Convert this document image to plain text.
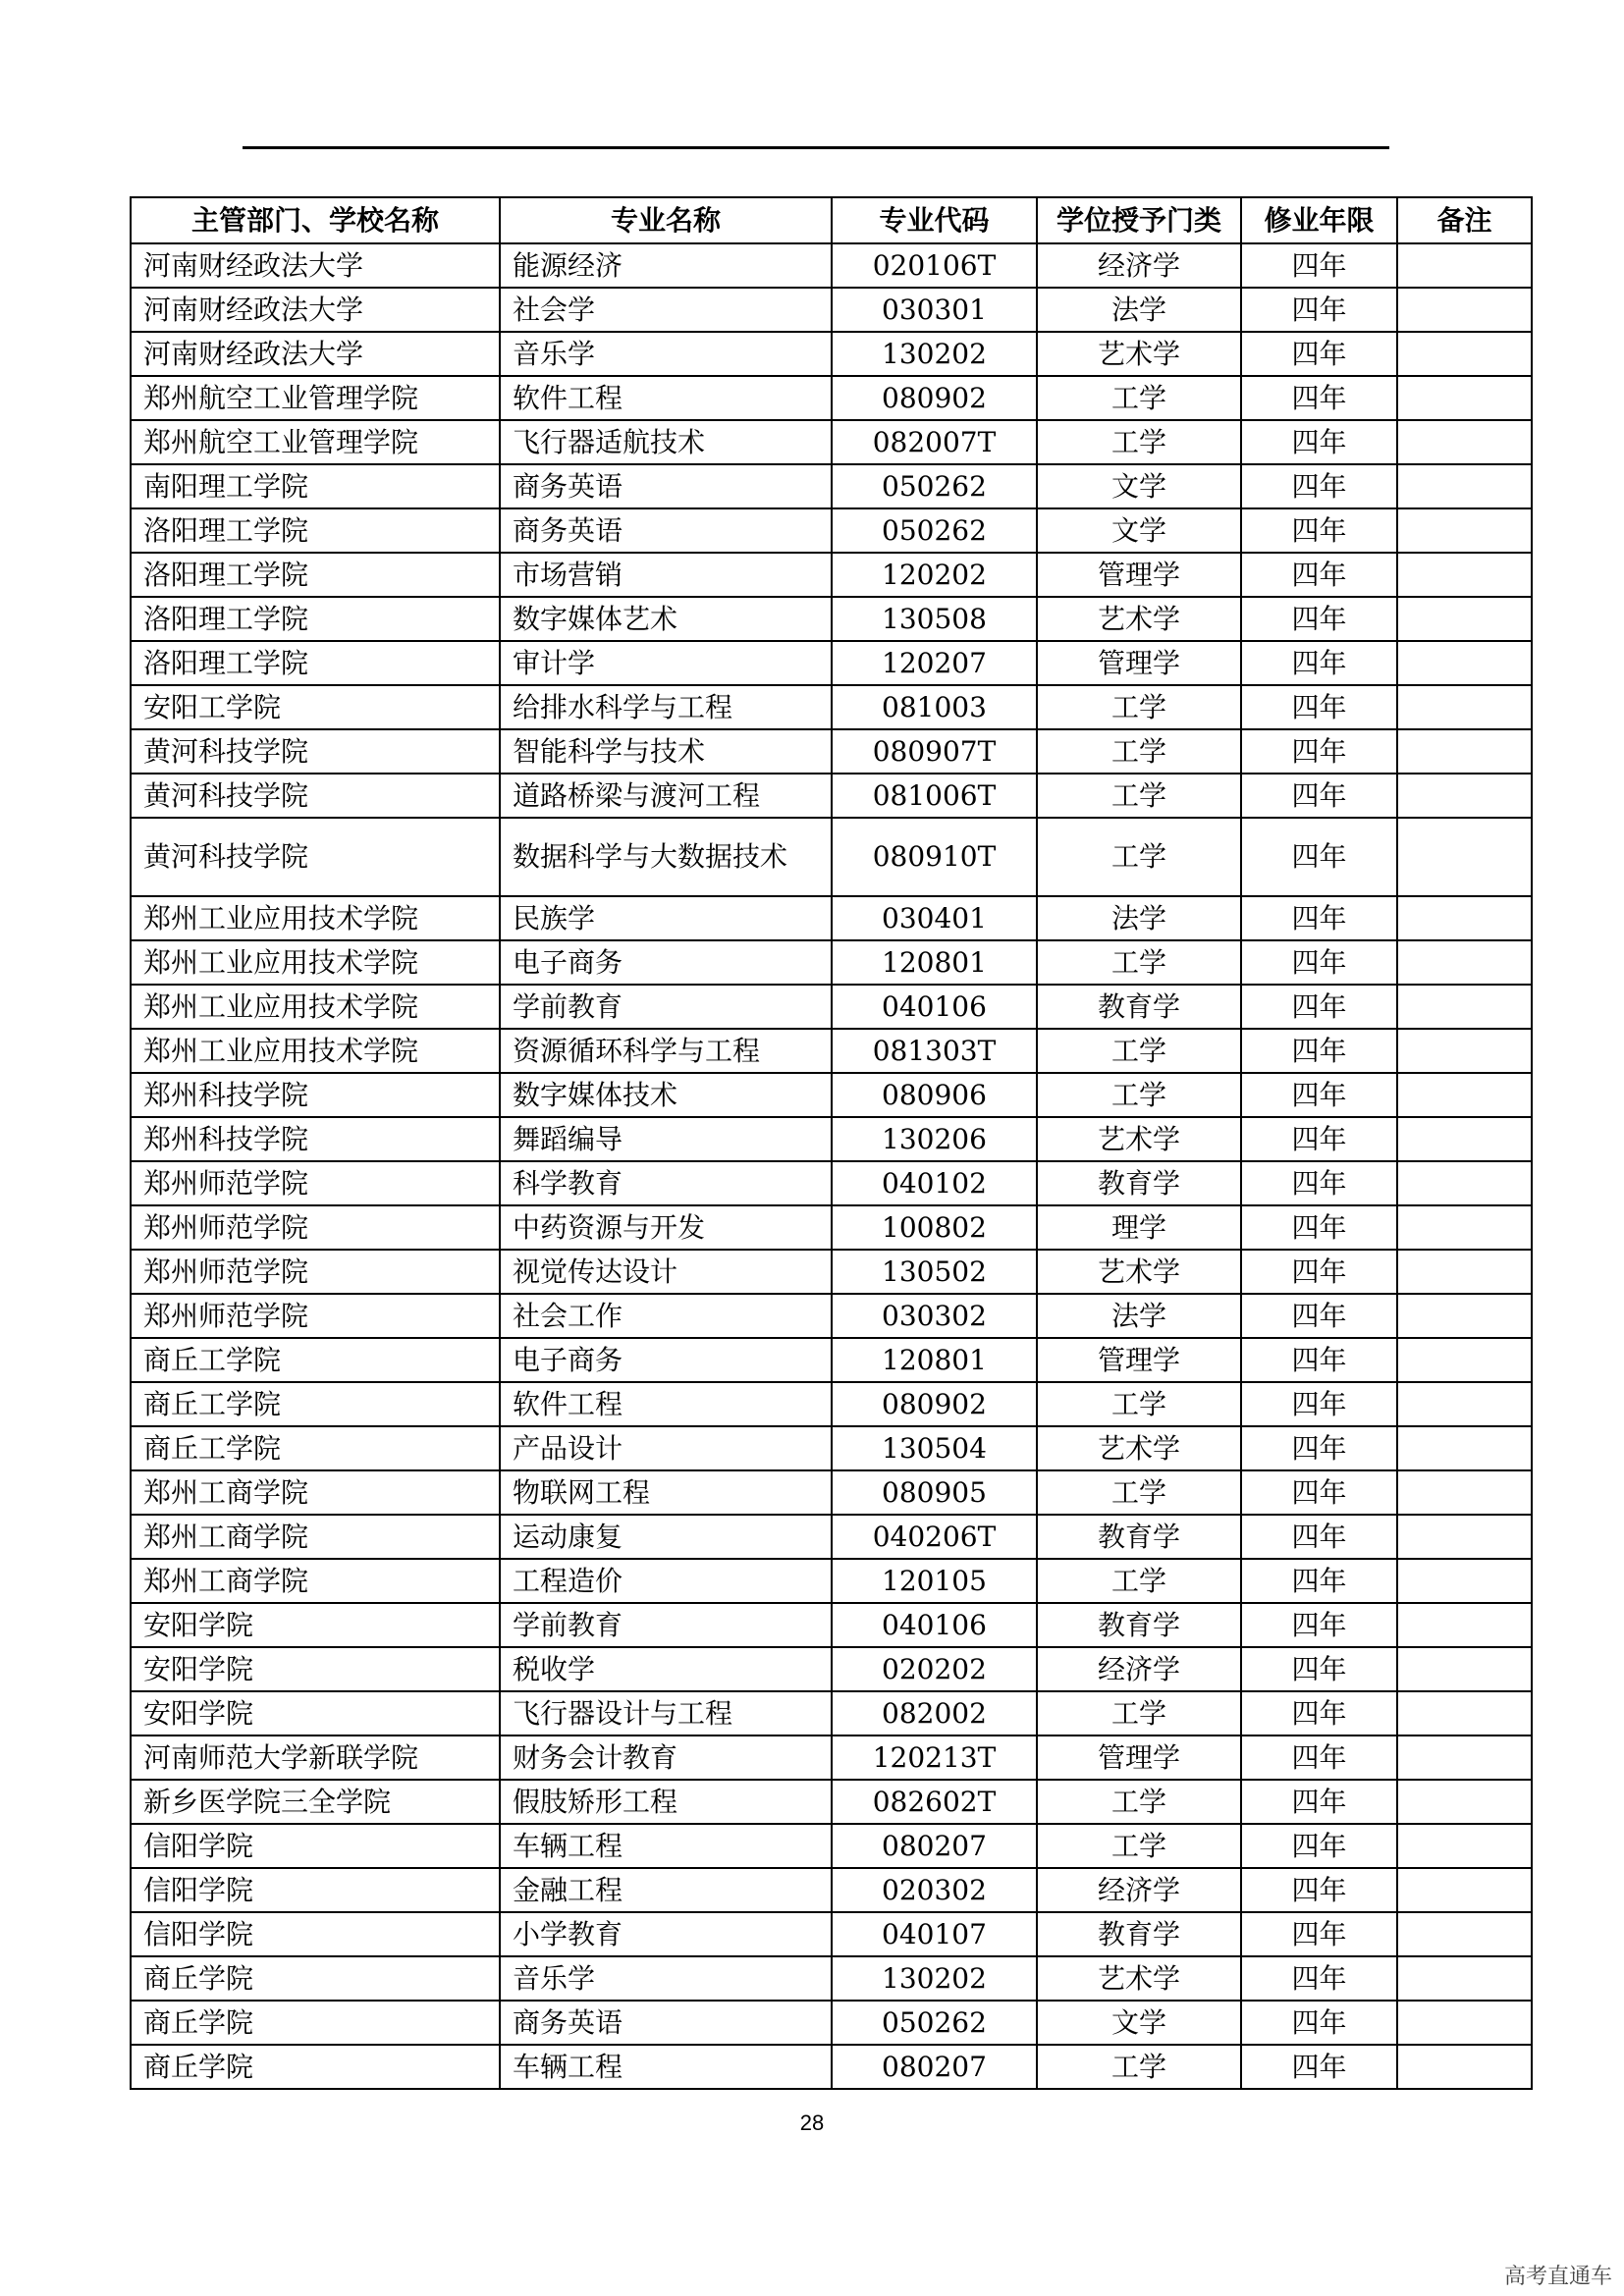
主管部门、学校名称	专业名称	专业代码	学位授予门类	修业年限	备注
河南财经政法大学	能源经济	020106T	经济学	四年	
河南财经政法大学	社会学	030301	法学	四年	
河南财经政法大学	音乐学	130202	艺术学	四年	
郑州航空工业管理学院	软件工程	080902	工学	四年	
郑州航空工业管理学院	飞行器适航技术	082007T	工学	四年	
南阳理工学院	商务英语	050262	文学	四年	
洛阳理工学院	商务英语	050262	文学	四年	
洛阳理工学院	市场营销	120202	管理学	四年	
洛阳理工学院	数字媒体艺术	130508	艺术学	四年	
洛阳理工学院	审计学	120207	管理学	四年	
安阳工学院	给排水科学与工程	081003	工学	四年	
黄河科技学院	智能科学与技术	080907T	工学	四年	
黄河科技学院	道路桥梁与渡河工程	081006T	工学	四年	
黄河科技学院	数据科学与大数据技术	080910T	工学	四年	
郑州工业应用技术学院	民族学	030401	法学	四年	
郑州工业应用技术学院	电子商务	120801	工学	四年	
郑州工业应用技术学院	学前教育	040106	教育学	四年	
郑州工业应用技术学院	资源循环科学与工程	081303T	工学	四年	
郑州科技学院	数字媒体技术	080906	工学	四年	
郑州科技学院	舞蹈编导	130206	艺术学	四年	
郑州师范学院	科学教育	040102	教育学	四年	
郑州师范学院	中药资源与开发	100802	理学	四年	
郑州师范学院	视觉传达设计	130502	艺术学	四年	
郑州师范学院	社会工作	030302	法学	四年	
商丘工学院	电子商务	120801	管理学	四年	
商丘工学院	软件工程	080902	工学	四年	
商丘工学院	产品设计	130504	艺术学	四年	
郑州工商学院	物联网工程	080905	工学	四年	
郑州工商学院	运动康复	040206T	教育学	四年	
郑州工商学院	工程造价	120105	工学	四年	
安阳学院	学前教育	040106	教育学	四年	
安阳学院	税收学	020202	经济学	四年	
安阳学院	飞行器设计与工程	082002	工学	四年	
河南师范大学新联学院	财务会计教育	120213T	管理学	四年	
新乡医学院三全学院	假肢矫形工程	082602T	工学	四年	
信阳学院	车辆工程	080207	工学	四年	
信阳学院	金融工程	020302	经济学	四年	
信阳学院	小学教育	040107	教育学	四年	
商丘学院	音乐学	130202	艺术学	四年	
商丘学院	商务英语	050262	文学	四年	
商丘学院	车辆工程	080207	工学	四年	
28
高考直通车
